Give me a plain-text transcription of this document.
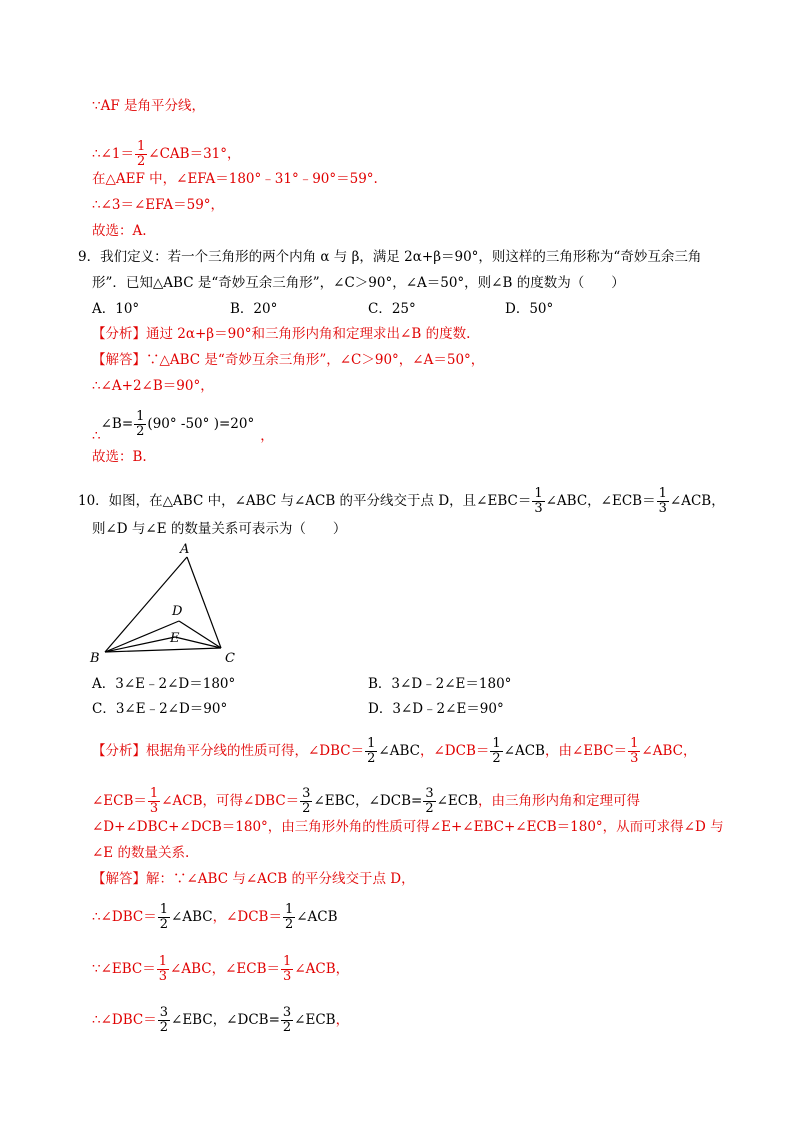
∵AF 是角平分线，
∴∠1＝ $\frac{1}{2}$ ∠CAB＝31°，
在△AEF 中，∠EFA＝180°﹣31°﹣90°＝59°.
∴∠3＝∠EFA＝59°，
故选：A.
9．我们定义：若一个三角形的两个内角 α 与 β，满足 2α+β＝90°，则这样的三角形称为“奇妙互余三角
形”．已知△ABC 是“奇妙互余三角形”，∠C＞90°，∠A＝50°，则∠B 的度数为（　　）
A．10°	B．20°	C．25°	D．50°
【分析】通过 2α+β＝90°和三角形内角和定理求出∠B 的度数.
【解答】∵△ABC 是“奇妙互余三角形”，∠C＞90°，∠A＝50°，
∴∠A+2∠B＝90°，
∴∠B= $\frac{1}{2} (90^\circ$ -50° )=20°，
故选：B.
10．如图，在△ABC 中，∠ABC 与∠ACB 的平分线交于点 D，且∠EBC＝ $\frac{1}{3}$ ∠ABC，∠ECB＝ $\frac{1}{3}$ ∠ACB，
则∠D 与∠E 的数量关系可表示为（　　）
A
D
E
B	C
A．3∠E﹣2∠D＝180°	B．3∠D﹣2∠E＝180°
C．3∠E﹣2∠D＝90°	D．3∠D﹣2∠E＝90°
【分析】根据角平分线的性质可得，∠DBC＝ $\frac{1}{2}$ ∠ABC，∠DCB＝ $\frac{1}{2}$ ∠ACB，由∠EBC＝ $\frac{1}{3}$ ∠ABC，
∠ECB＝ $\frac{1}{3}$ ∠ACB，可得∠DBC＝ $\frac{3}{2}$ ∠EBC，∠DCB= $\frac{3}{2}$ ∠ECB，由三角形内角和定理可得
∠D+∠DBC+∠DCB＝180°，由三角形外角的性质可得∠E+∠EBC+∠ECB＝180°，从而可求得∠D 与
∠E 的数量关系.
【解答】解：∵∠ABC 与∠ACB 的平分线交于点 D，
∴∠DBC＝ $\frac{1}{2}$ ∠ABC，∠DCB＝ $\frac{1}{2}$ ∠ACB
∵∠EBC＝ $\frac{1}{3}$ ∠ABC，∠ECB＝ $\frac{1}{3}$ ∠ACB，
∴∠DBC＝ $\frac{3}{2}$ ∠EBC，∠DCB= $\frac{3}{2}$ ∠ECB，
